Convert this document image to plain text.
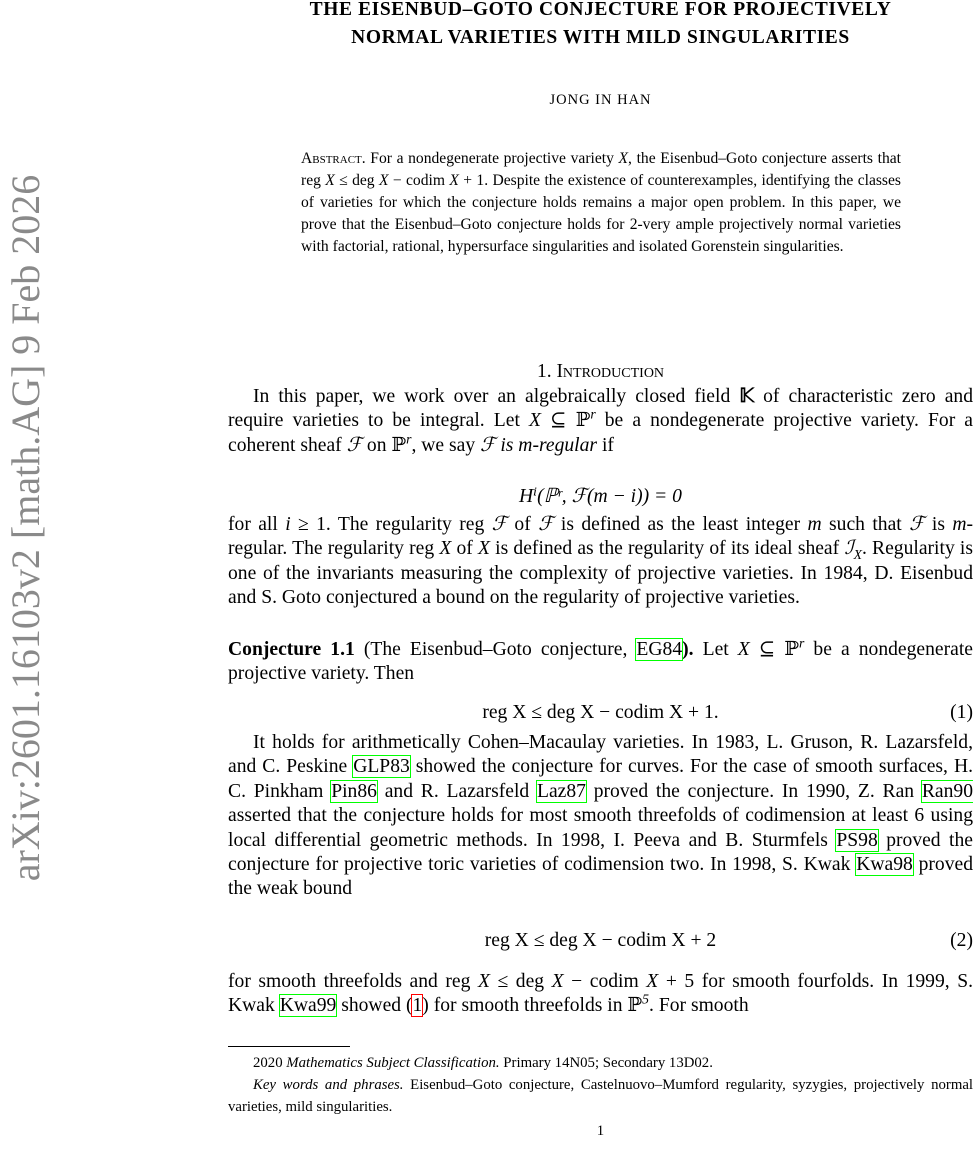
arXiv:2601.16103v2 [math.AG] 9 Feb 2026
THE EISENBUD–GOTO CONJECTURE FOR PROJECTIVELY
NORMAL VARIETIES WITH MILD SINGULARITIES
JONG IN HAN
Abstract. For a nondegenerate projective variety X, the Eisenbud–Goto conjecture asserts that reg X ≤ deg X − codim X + 1. Despite the existence of counterexamples, identifying the classes of varieties for which the conjecture holds remains a major open problem. In this paper, we prove that the Eisenbud–Goto conjecture holds for 2-very ample projectively normal varieties with factorial, rational, hypersurface singularities and isolated Gorenstein singularities.
1. Introduction
In this paper, we work over an algebraically closed field 𝕂 of characteristic zero and require varieties to be integral. Let X ⊆ ℙ$^r$ be a nondegenerate projective variety. For a coherent sheaf ℱ on ℙ$^r$, we say ℱ is m-regular if
Hⁱ(ℙʳ, ℱ(m − i)) = 0
for all i ≥ 1. The regularity reg ℱ of ℱ is defined as the least integer m such that ℱ is m-regular. The regularity reg X of X is defined as the regularity of its ideal sheaf ℐ$_X$. Regularity is one of the invariants measuring the complexity of projective varieties. In 1984, D. Eisenbud and S. Goto conjectured a bound on the regularity of projective varieties.
Conjecture 1.1 (The Eisenbud–Goto conjecture, EG84). Let X ⊆ ℙ$^r$ be a nondegenerate projective variety. Then
reg X ≤ deg X − codim X + 1.	(1)
It holds for arithmetically Cohen–Macaulay varieties. In 1983, L. Gruson, R. Lazarsfeld, and C. Peskine GLP83 showed the conjecture for curves. For the case of smooth surfaces, H. C. Pinkham Pin86 and R. Lazarsfeld Laz87 proved the conjecture. In 1990, Z. Ran Ran90 asserted that the conjecture holds for most smooth threefolds of codimension at least 6 using local differential geometric methods. In 1998, I. Peeva and B. Sturmfels PS98 proved the conjecture for projective toric varieties of codimension two. In 1998, S. Kwak Kwa98 proved the weak bound
reg X ≤ deg X − codim X + 2	(2)
for smooth threefolds and reg X ≤ deg X − codim X + 5 for smooth fourfolds. In 1999, S. Kwak Kwa99 showed (1) for smooth threefolds in ℙ$^5$. For smooth
2020 Mathematics Subject Classification. Primary 14N05; Secondary 13D02.
Key words and phrases. Eisenbud–Goto conjecture, Castelnuovo–Mumford regularity, syzygies, projectively normal varieties, mild singularities.
1
